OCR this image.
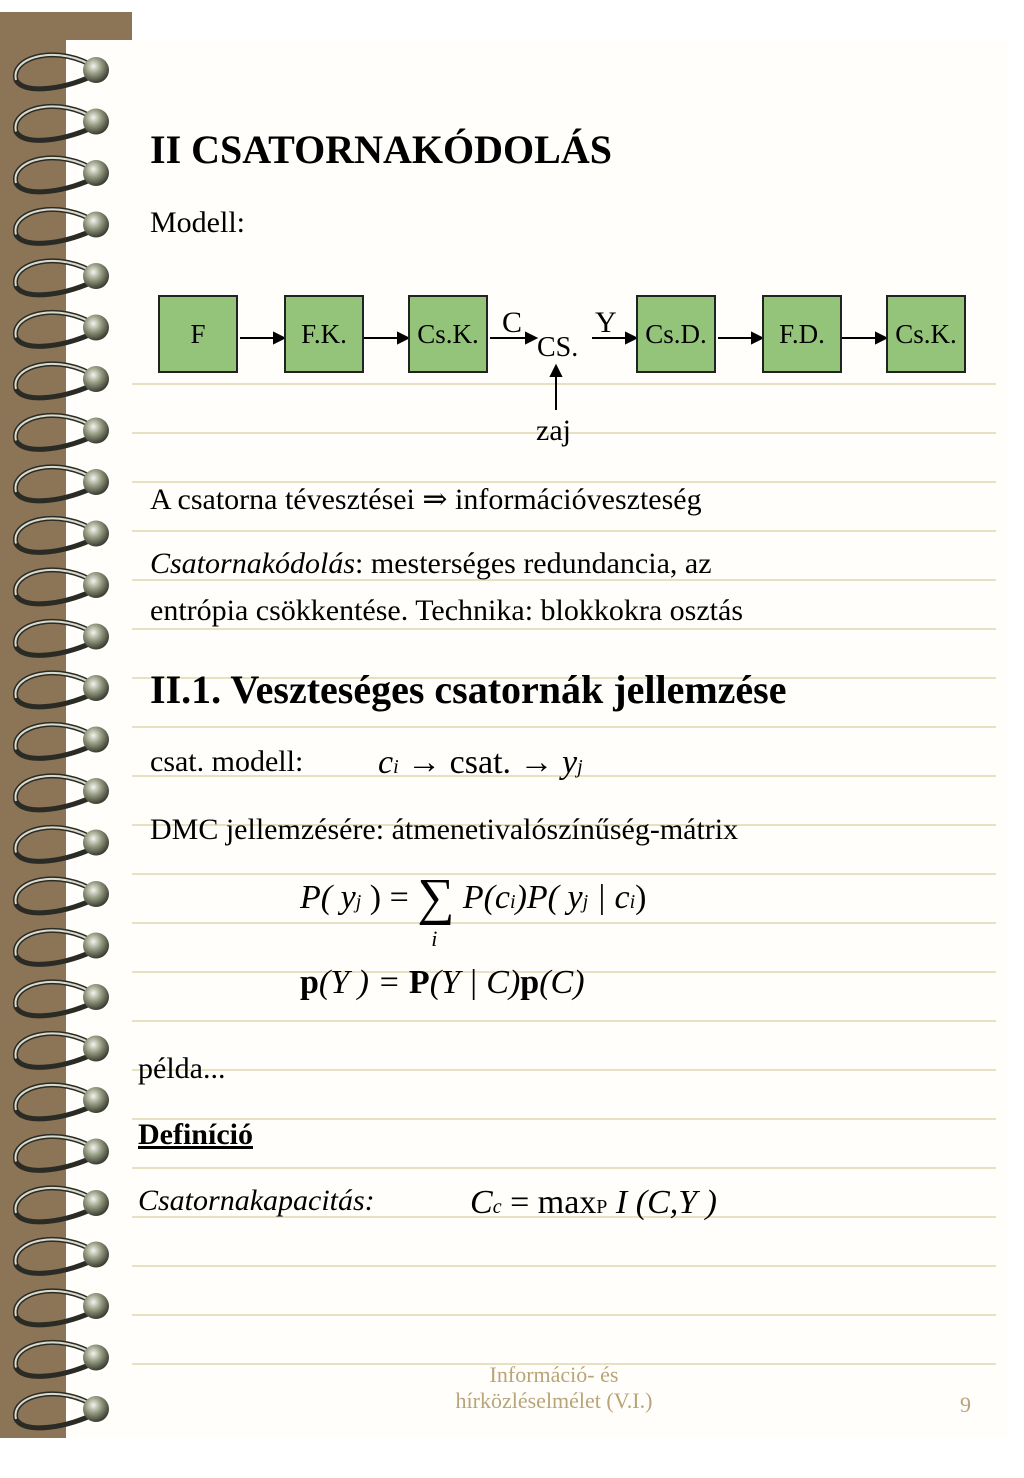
II CSATORNAKÓDOLÁS
Modell:
F	F.K.	Cs.K.	Cs.D.	F.D.	Cs.K.
C Y
CS.
zaj
A csatorna tévesztései ⇒ információveszteség
Csatornakódolás: mesterséges redundancia, az
entrópia csökkentése. Technika: blokkokra osztás
II.1. Veszteséges csatornák jellemzése
csat. modell: ci → csat. → yj
DMC jellemzésére: átmenetivalószínűség-mátrix
P( yj ) = ∑
i
P(ci)P( yj | ci)
p(Y ) = P(Y | C)p(C)
példa...
Definíció
Csatornakapacitás:	Cc = maxP I (C,Y )
Információ- és
hírközléselmélet (V.I.)	9
